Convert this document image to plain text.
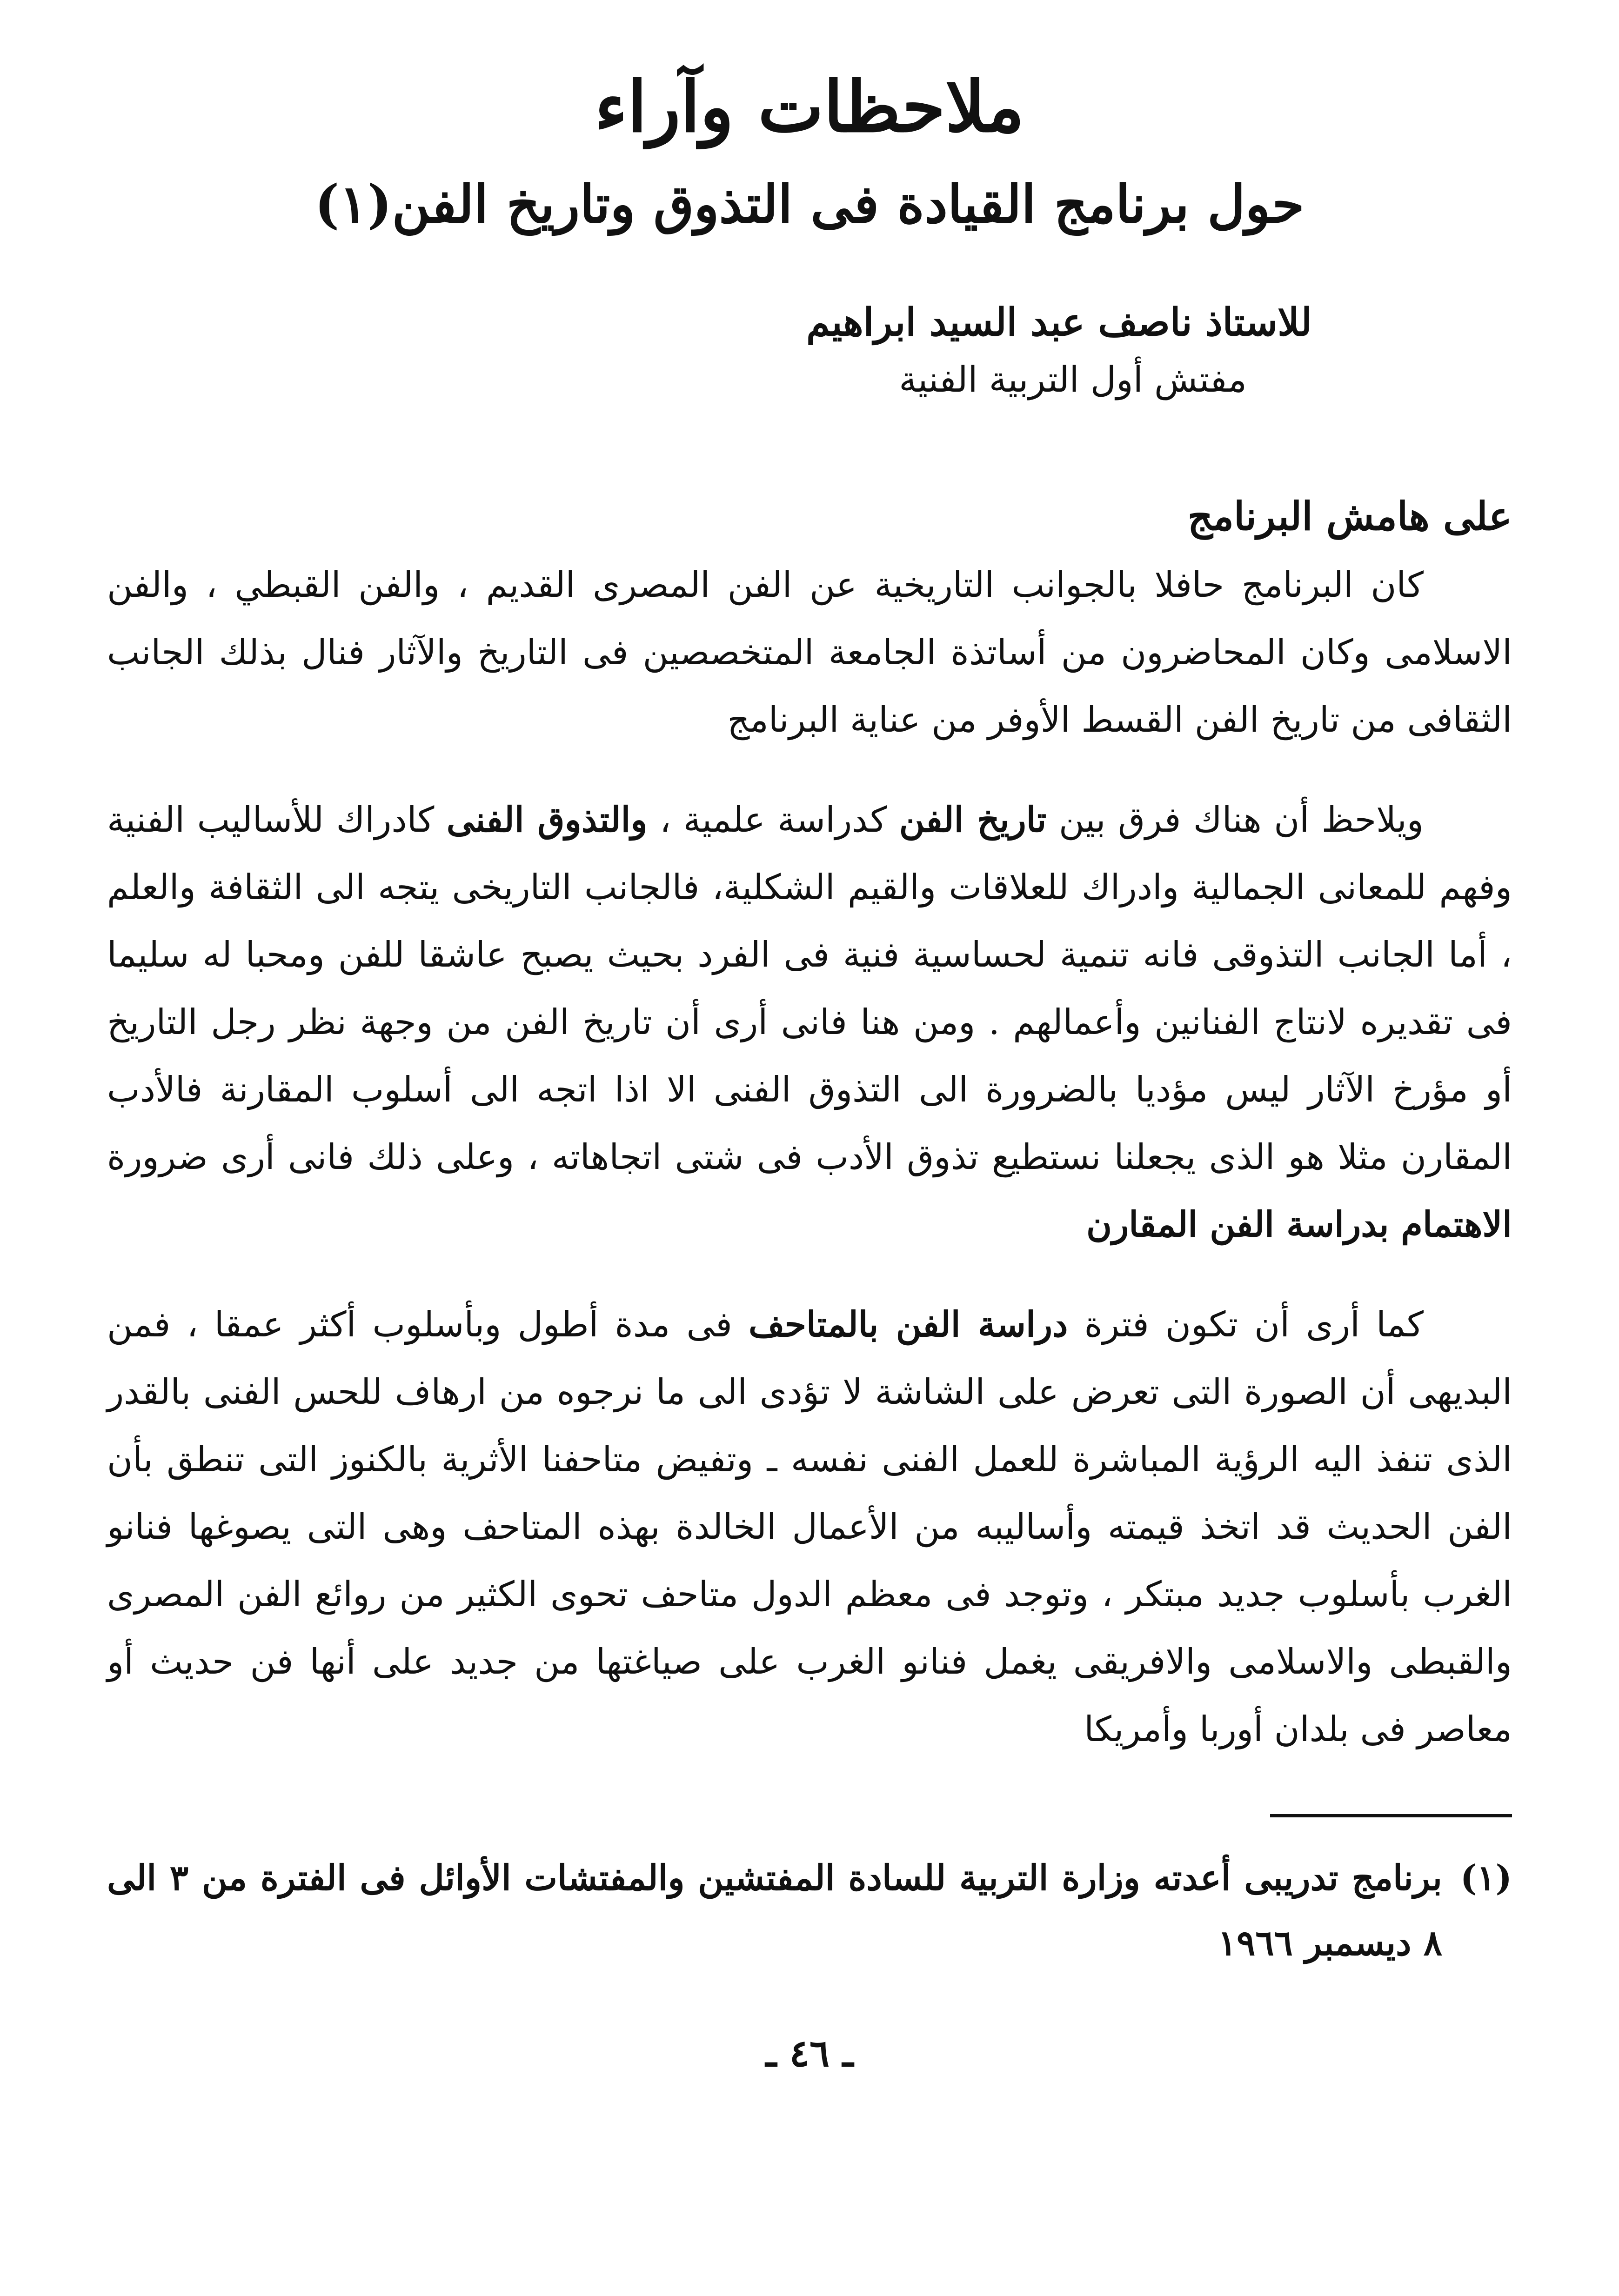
ملاحظات وآراء
حول برنامج القيادة فى التذوق وتاريخ الفن(١)
للاستاذ ناصف عبد السيد ابراهيم
مفتش أول التربية الفنية
على هامش البرنامج

كان البرنامج حافلا بالجوانب التاريخية عن الفن المصرى القديم ، والفن القبطي ، والفن الاسلامى وكان المحاضرون من أساتذة الجامعة المتخصصين فى التاريخ والآثار فنال بذلك الجانب الثقافى من تاريخ الفن القسط الأوفر من عناية البرنامج

ويلاحظ أن هناك فرق بين تاريخ الفن كدراسة علمية ، والتذوق الفنى كادراك للأساليب الفنية وفهم للمعانى الجمالية وادراك للعلاقات والقيم الشكلية، فالجانب التاريخى يتجه الى الثقافة والعلم ، أما الجانب التذوقى فانه تنمية لحساسية فنية فى الفرد بحيث يصبح عاشقا للفن ومحبا له سليما فى تقديره لانتاج الفنانين وأعمالهم . ومن هنا فانى أرى أن تاريخ الفن من وجهة نظر رجل التاريخ أو مؤرخ الآثار ليس مؤديا بالضرورة الى التذوق الفنى الا اذا اتجه الى أسلوب المقارنة فالأدب المقارن مثلا هو الذى يجعلنا نستطيع تذوق الأدب فى شتى اتجاهاته ، وعلى ذلك فانى أرى ضرورة الاهتمام بدراسة الفن المقارن

كما أرى أن تكون فترة دراسة الفن بالمتاحف فى مدة أطول وبأسلوب أكثر عمقا ، فمن البديهى أن الصورة التى تعرض على الشاشة لا تؤدى الى ما نرجوه من ارهاف للحس الفنى بالقدر الذى تنفذ اليه الرؤية المباشرة للعمل الفنى نفسه ـ وتفيض متاحفنا الأثرية بالكنوز التى تنطق بأن الفن الحديث قد اتخذ قيمته وأساليبه من الأعمال الخالدة بهذه المتاحف وهى التى يصوغها فنانو الغرب بأسلوب جديد مبتكر ، وتوجد فى معظم الدول متاحف تحوى الكثير من روائع الفن المصرى والقبطى والاسلامى والافريقى يغمل فنانو الغرب على صياغتها من جديد على أنها فن حديث أو معاصر فى بلدان أوربا وأمريكا

(١)
برنامج تدريبى أعدته وزارة التربية للسادة المفتشين والمفتشات الأوائل فى الفترة من ٣ الى ٨ ديسمبر ١٩٦٦
ـ ٤٦ ـ
